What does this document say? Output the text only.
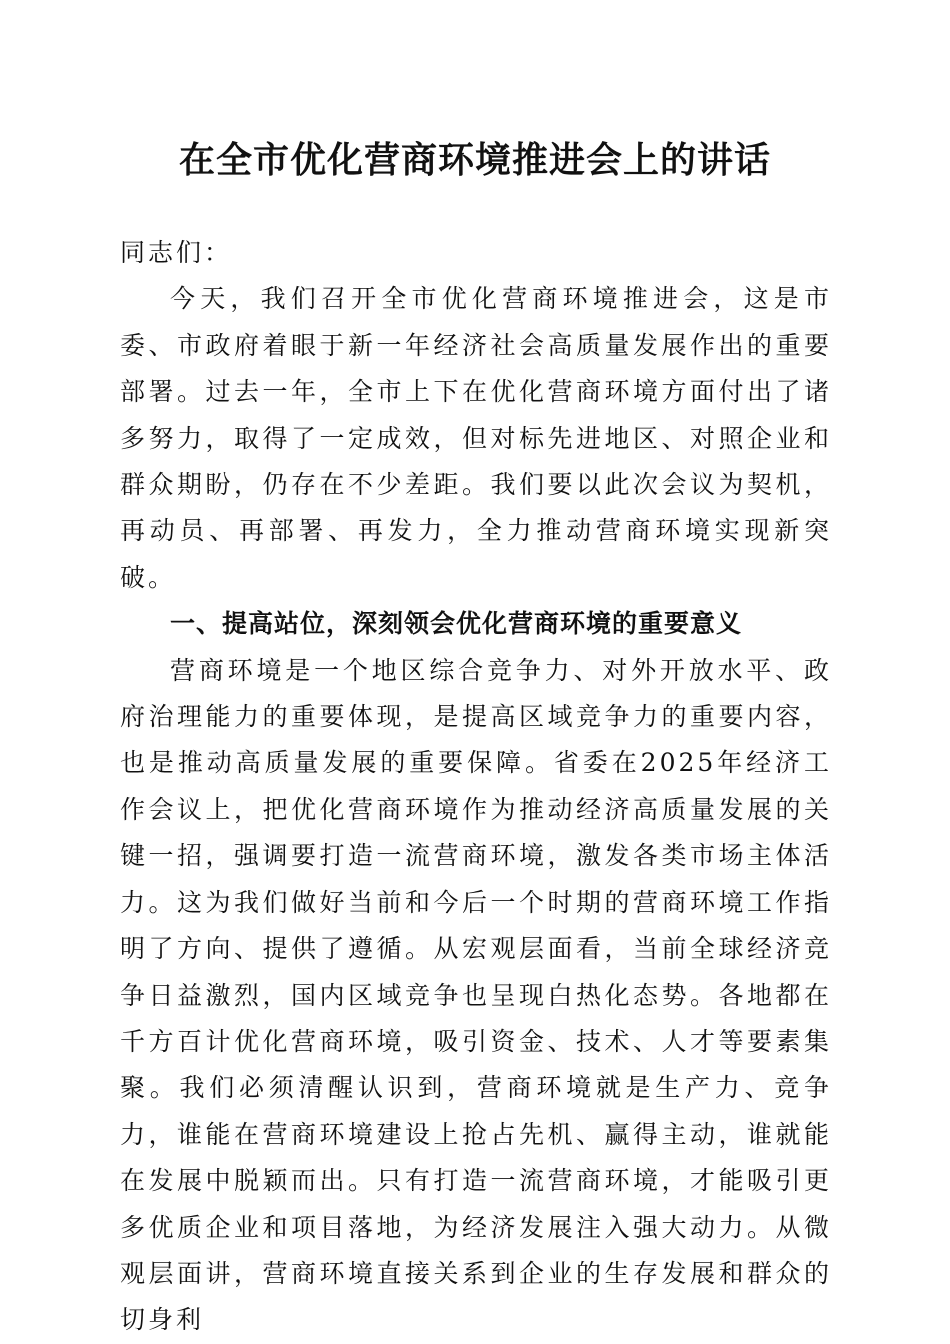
在全市优化营商环境推进会上的讲话

同志们：

今天，我们召开全市优化营商环境推进会，这是市委、市政府着眼于新一年经济社会高质量发展作出的重要部署。过去一年，全市上下在优化营商环境方面付出了诸多努力，取得了一定成效，但对标先进地区、对照企业和群众期盼，仍存在不少差距。我们要以此次会议为契机，再动员、再部署、再发力，全力推动营商环境实现新突破。

一、提高站位，深刻领会优化营商环境的重要意义

营商环境是一个地区综合竞争力、对外开放水平、政府治理能力的重要体现，是提高区域竞争力的重要内容，也是推动高质量发展的重要保障。省委在2025年经济工作会议上，把优化营商环境作为推动经济高质量发展的关键一招，强调要打造一流营商环境，激发各类市场主体活力。这为我们做好当前和今后一个时期的营商环境工作指明了方向、提供了遵循。从宏观层面看，当前全球经济竞争日益激烈，国内区域竞争也呈现白热化态势。各地都在千方百计优化营商环境，吸引资金、技术、人才等要素集聚。我们必须清醒认识到，营商环境就是生产力、竞争力，谁能在营商环境建设上抢占先机、赢得主动，谁就能在发展中脱颖而出。只有打造一流营商环境，才能吸引更多优质企业和项目落地，为经济发展注入强大动力。从微观层面讲，营商环境直接关系到企业的生存发展和群众的切身利
